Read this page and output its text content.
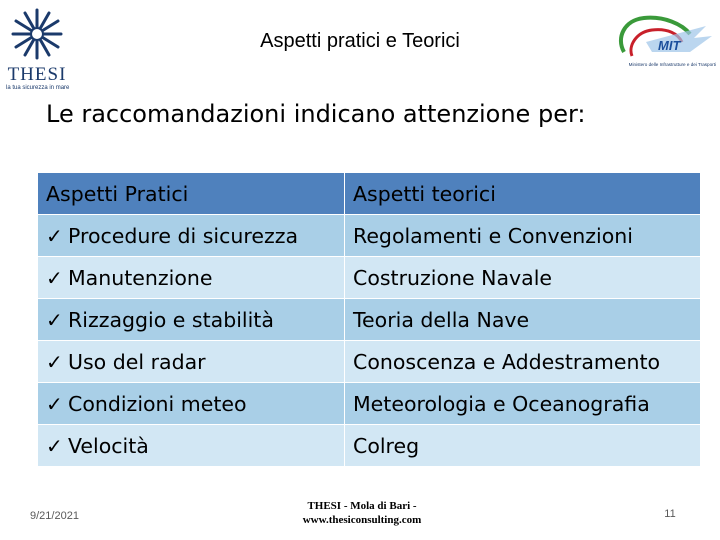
THESI
la tua sicurezza in mare
Aspetti pratici e Teorici	MIT
Ministero delle Infrastrutture e dei Trasporti
Le raccomandazioni indicano attenzione per:
Aspetti Pratici	Aspetti teorici
✓ Procedure di sicurezza	Regolamenti e Convenzioni
✓ Manutenzione	Costruzione Navale
✓ Rizzaggio e stabilità	Teoria della Nave
✓ Uso del radar	Conoscenza e Addestramento
✓ Condizioni meteo	Meteorologia e Oceanografia
✓ Velocità	Colreg
9/21/2021
THESI - Mola di Bari -
www.thesiconsulting.com	11
